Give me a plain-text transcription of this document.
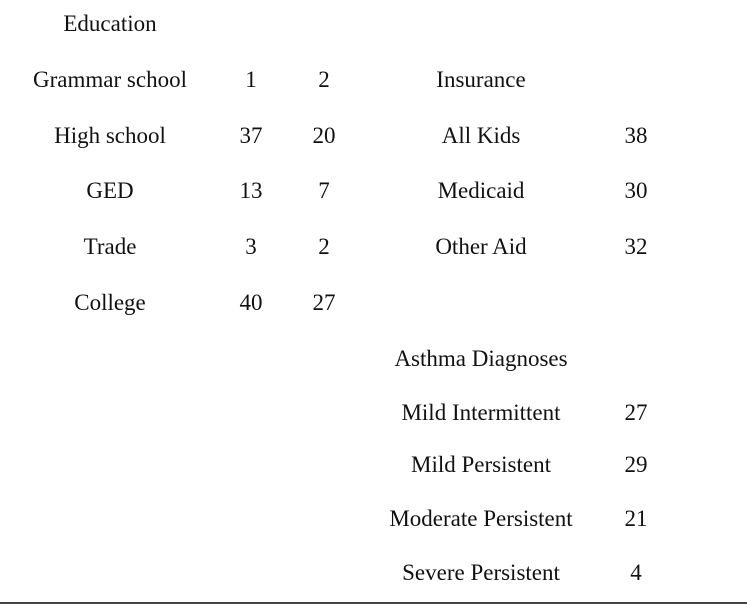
Education
Grammar school	1	2
High school	37 20
GED	13 7
Trade	3	2
College	40 27
Insurance
All Kids	38
Medicaid	30
Other Aid	32
Asthma Diagnoses
Mild Intermittent	27
Mild Persistent	29
Moderate Persistent 21
Severe Persistent	4
